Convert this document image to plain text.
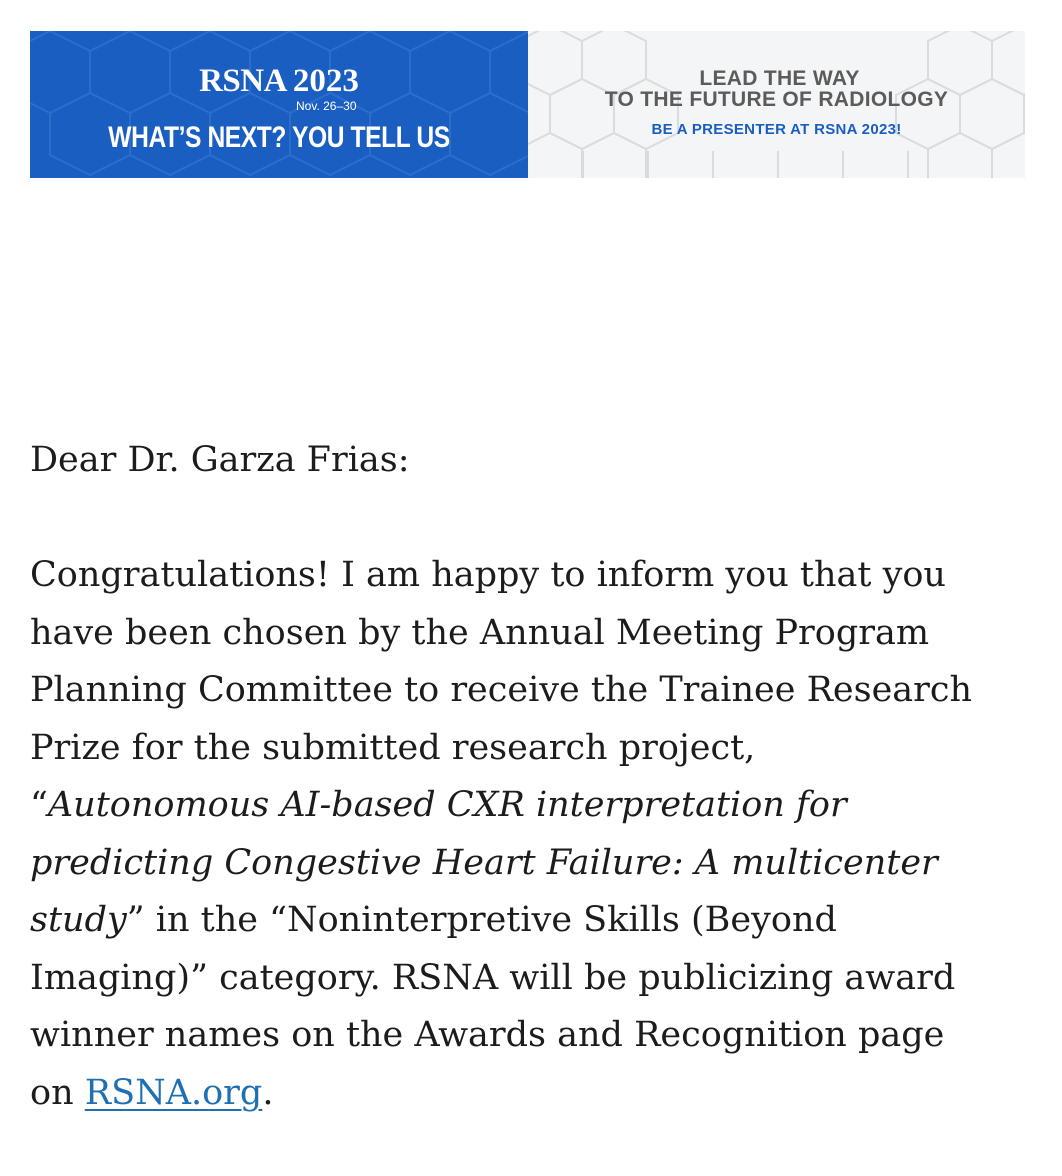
RSNA 2023
Nov. 26–30
WHAT’S NEXT? YOU TELL US
LEAD THE WAY
TO THE FUTURE OF RADIOLOGY
BE A PRESENTER AT RSNA 2023!

Dear Dr. Garza Frias:

Congratulations! I am happy to inform you that you
have been chosen by the Annual Meeting Program
Planning Committee to receive the Trainee Research
Prize for the submitted research project,
“Autonomous AI-based CXR interpretation for
predicting Congestive Heart Failure: A multicenter
study” in the “Noninterpretive Skills (Beyond
Imaging)” category. RSNA will be publicizing award
winner names on the Awards and Recognition page
on RSNA.org.
